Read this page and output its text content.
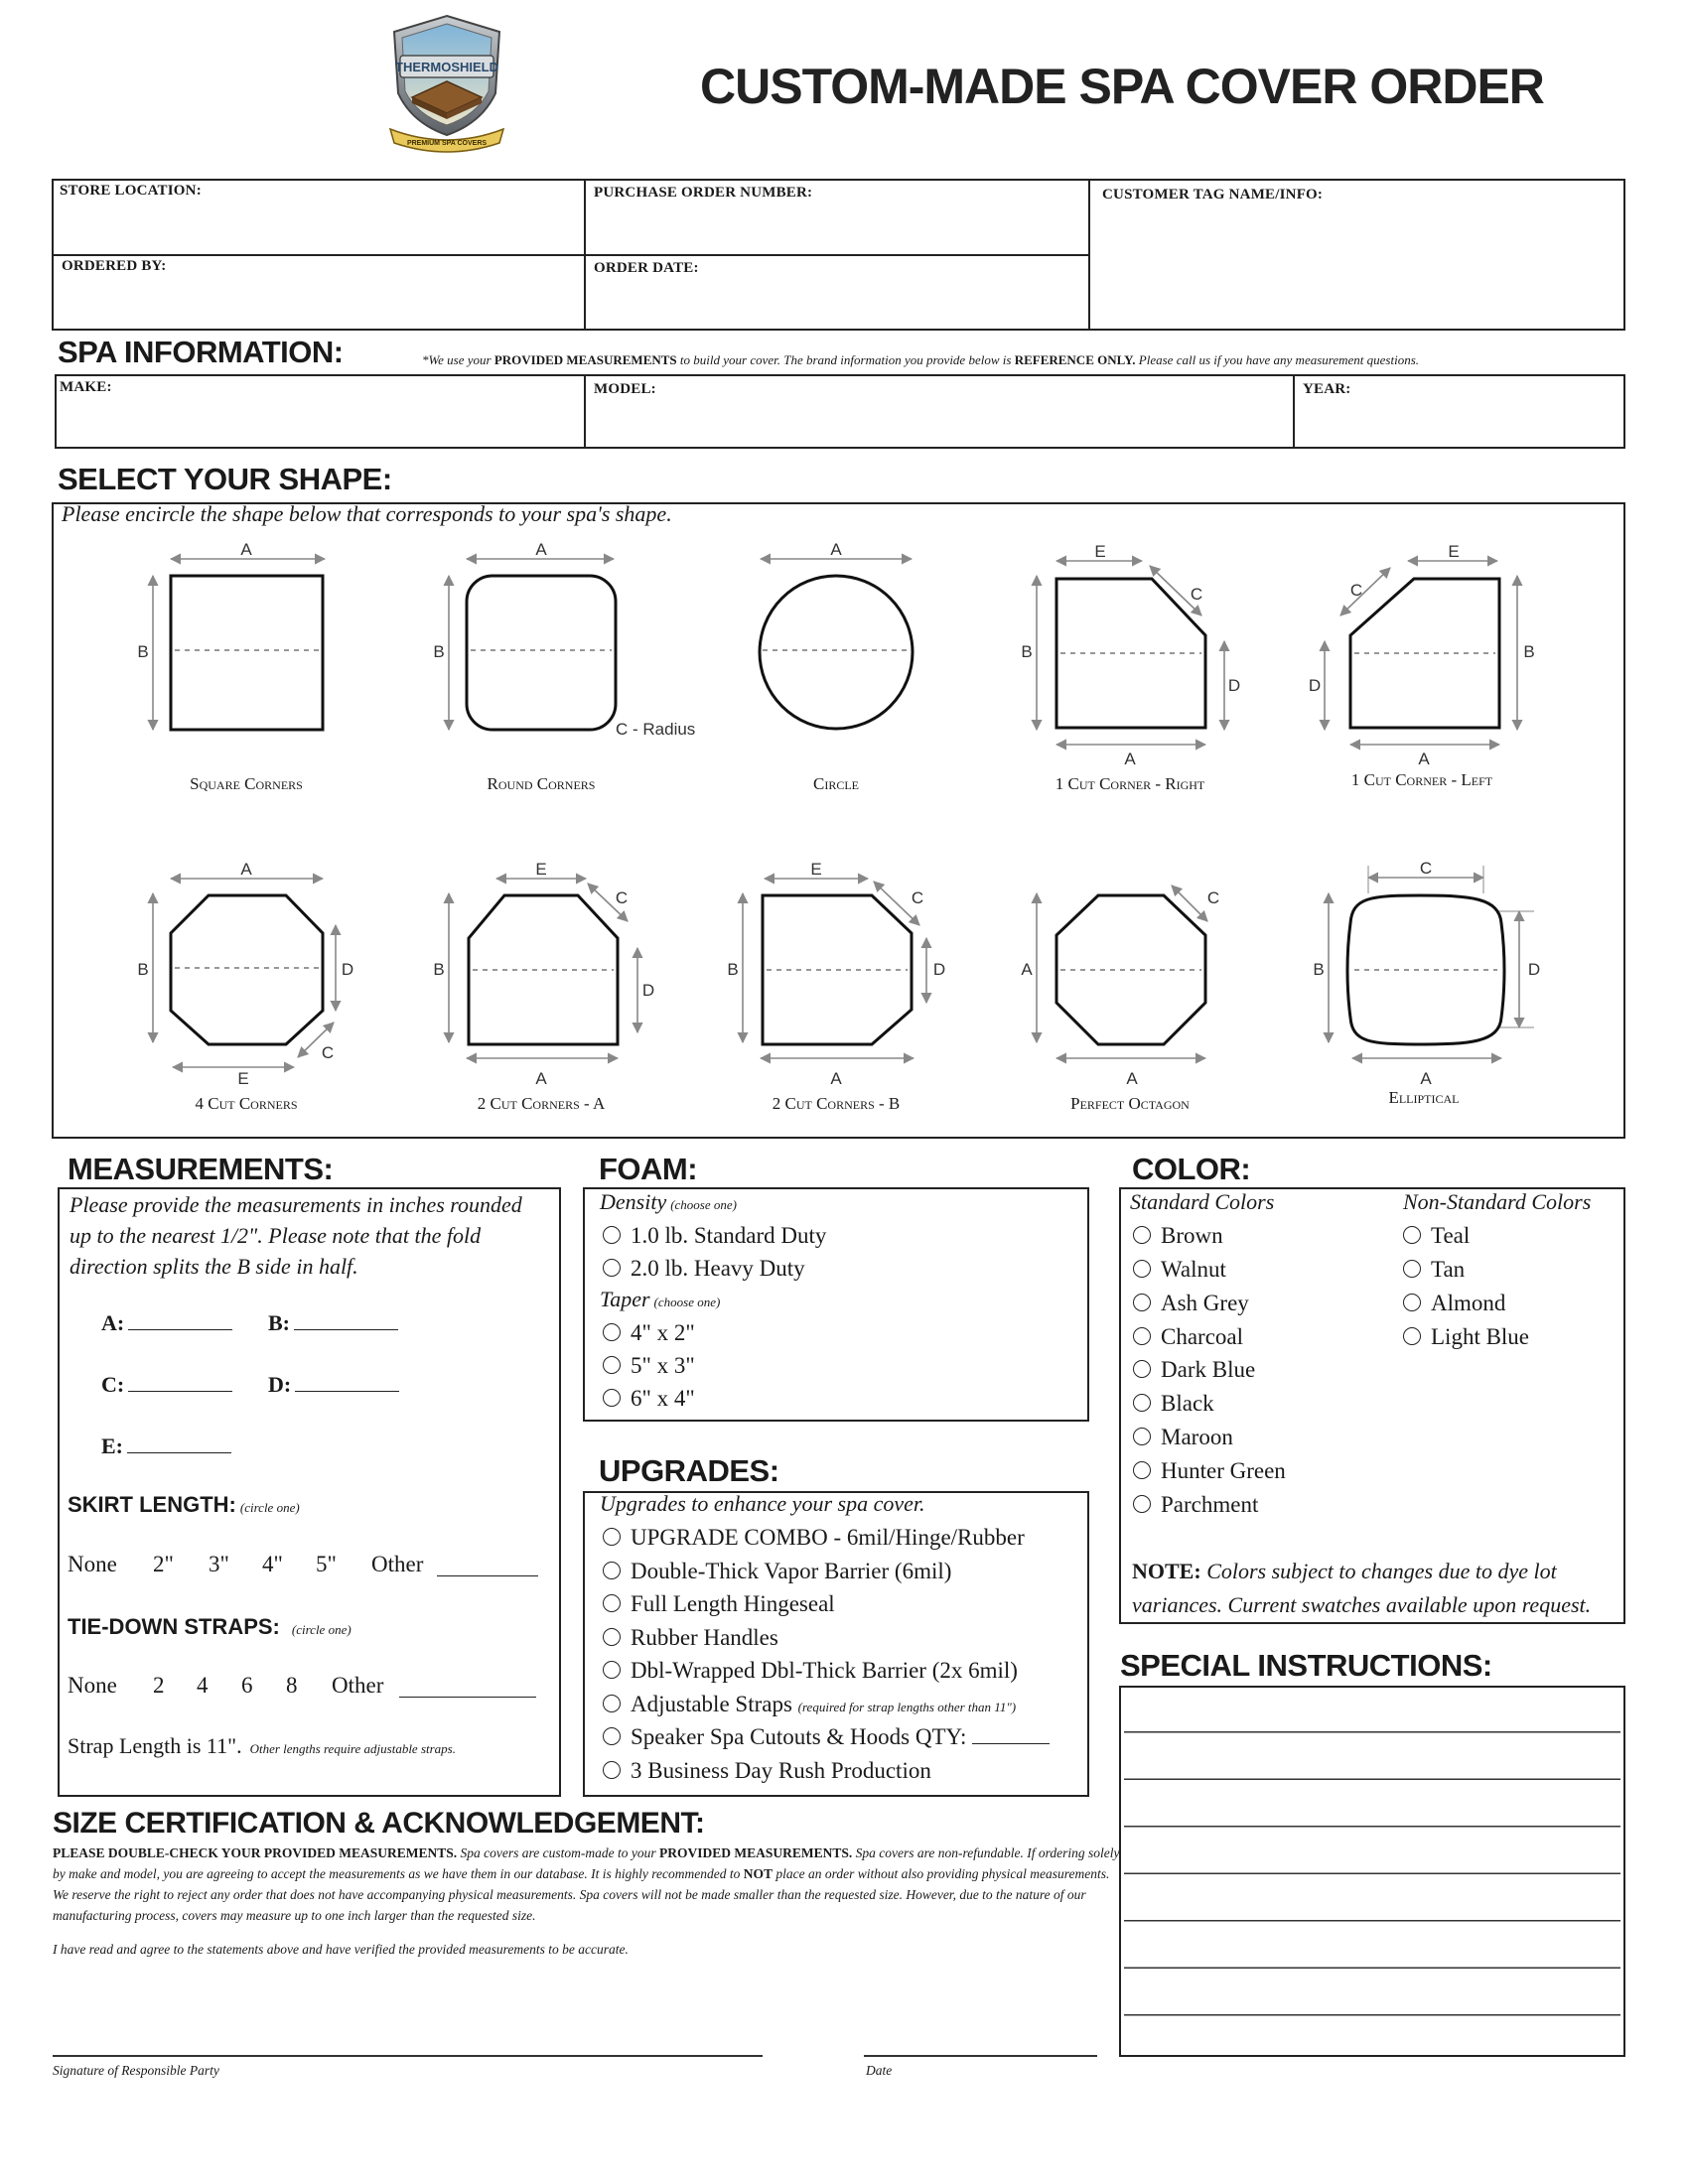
THERMOSHIELD
PREMIUM SPA COVERS
CUSTOM-MADE SPA COVER ORDER
STORE LOCATION:	PURCHASE ORDER NUMBER:	CUSTOMER TAG NAME/INFO:
ORDERED BY:	ORDER DATE:
SPA INFORMATION:	*We use your PROVIDED MEASUREMENTS to build your cover. The brand information you provide below is REFERENCE ONLY. Please call us if you have any measurement questions.
MAKE:	MODEL:	YEAR:
SELECT YOUR SHAPE:
Please encircle the shape below that corresponds to your spa's shape.
A
B
A
B
A	E
C
B
D
A
E
C
B
D
A
A
B	D
C
E
E
C
B
D
A
E
C
B	D
A
C
A
A
C
B	D
A
C - Radius
Square Corners	Round Corners	Circle	1 Cut Corner - Right	1 Cut Corner - Left
4 Cut Corners	2 Cut Corners - A	2 Cut Corners - B	Perfect Octagon	Elliptical
MEASUREMENTS:
Please provide the measurements in inches rounded up to the nearest 1/2". Please note that the fold direction splits the B side in half.
A:	B:
C:	D:
E:
SKIRT LENGTH: (circle one)
None 2" 3" 4" 5" Other
TIE-DOWN STRAPS: (circle one)
None 2 4 6 8 Other
Strap Length is 11". Other lengths require adjustable straps.
FOAM:
Density (choose one)
1.0 lb. Standard Duty
2.0 lb. Heavy Duty
Taper (choose one)
4" x 2"
5" x 3"
6" x 4"
UPGRADES:
Upgrades to enhance your spa cover.
UPGRADE COMBO - 6mil/Hinge/Rubber
Double-Thick Vapor Barrier (6mil)
Full Length Hingeseal
Rubber Handles
Dbl-Wrapped Dbl-Thick Barrier (2x 6mil)
Adjustable Straps (required for strap lengths other than 11")
Speaker Spa Cutouts & Hoods QTY:
3 Business Day Rush Production
COLOR:
Standard Colors	Non-Standard Colors
Brown
Walnut
Ash Grey
Charcoal
Dark Blue
Black
Maroon
Hunter Green
Parchment
Teal
Tan
Almond
Light Blue
NOTE: Colors subject to changes due to dye lot variances. Current swatches available upon request.
SPECIAL INSTRUCTIONS:
SIZE CERTIFICATION & ACKNOWLEDGEMENT:
PLEASE DOUBLE-CHECK YOUR PROVIDED MEASUREMENTS. Spa covers are custom-made to your PROVIDED MEASUREMENTS. Spa covers are non-refundable. If ordering solely by make and model, you are agreeing to accept the measurements as we have them in our database. It is highly recommended to NOT place an order without also providing physical measurements. We reserve the right to reject any order that does not have accompanying physical measurements. Spa covers will not be made smaller than the requested size. However, due to the nature of our manufacturing process, covers may measure up to one inch larger than the requested size.
I have read and agree to the statements above and have verified the provided measurements to be accurate.
Signature of Responsible Party	Date
